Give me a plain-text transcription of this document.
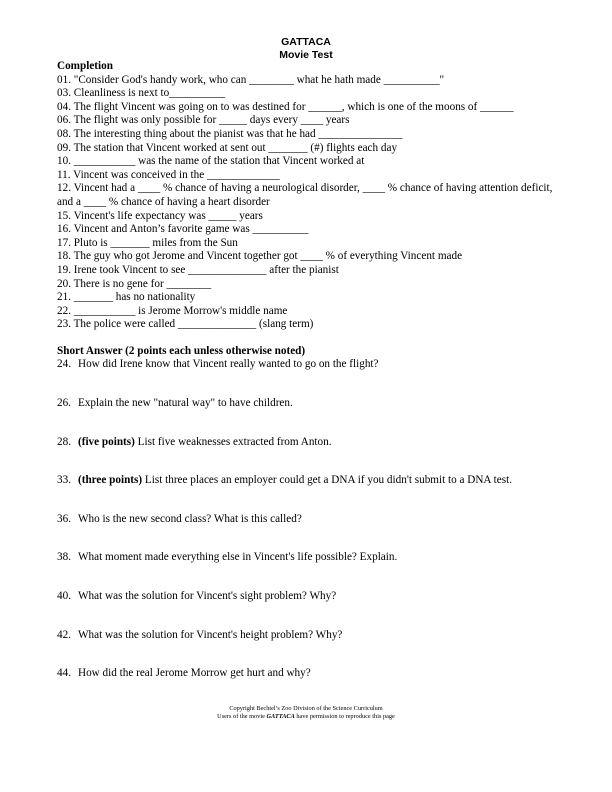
GATTACA
Movie Test
Completion
01. "Consider God's handy work, who can ________ what he hath made __________"
03. Cleanliness is next to__________
04. The flight Vincent was going on to was destined for ______, which is one of the moons of ______
06. The flight was only possible for _____ days every ____ years
08. The interesting thing about the pianist was that he had _______________
09. The station that Vincent worked at sent out _______ (#) flights each day
10. ___________ was the name of the station that Vincent worked at
11. Vincent was conceived in the _____________
12. Vincent had a ____ % chance of having a neurological disorder, ____ % chance of having attention deficit, and a ____ % chance of having a heart disorder
15. Vincent's life expectancy was _____ years
16. Vincent and Anton’s favorite game was __________
17. Pluto is _______ miles from the Sun
18. The guy who got Jerome and Vincent together got ____ % of everything Vincent made
19. Irene took Vincent to see ______________ after the pianist
20. There is no gene for ________
21. _______ has no nationality
22. ___________ is Jerome Morrow's middle name
23. The police were called ______________ (slang term)
Short Answer (2 points each unless otherwise noted)
24. How did Irene know that Vincent really wanted to go on the flight?
26. Explain the new "natural way" to have children.
28. (five points) List five weaknesses extracted from Anton.
33. (three points) List three places an employer could get a DNA if you didn't submit to a DNA test.
36. Who is the new second class? What is this called?
38. What moment made everything else in Vincent's life possible? Explain.
40. What was the solution for Vincent's sight problem? Why?
42. What was the solution for Vincent's height problem? Why?
44. How did the real Jerome Morrow get hurt and why?
Copyright Bechtel’s Zoo Division of the Science Curriculum
Users of the movie GATTACA have permission to reproduce this page
